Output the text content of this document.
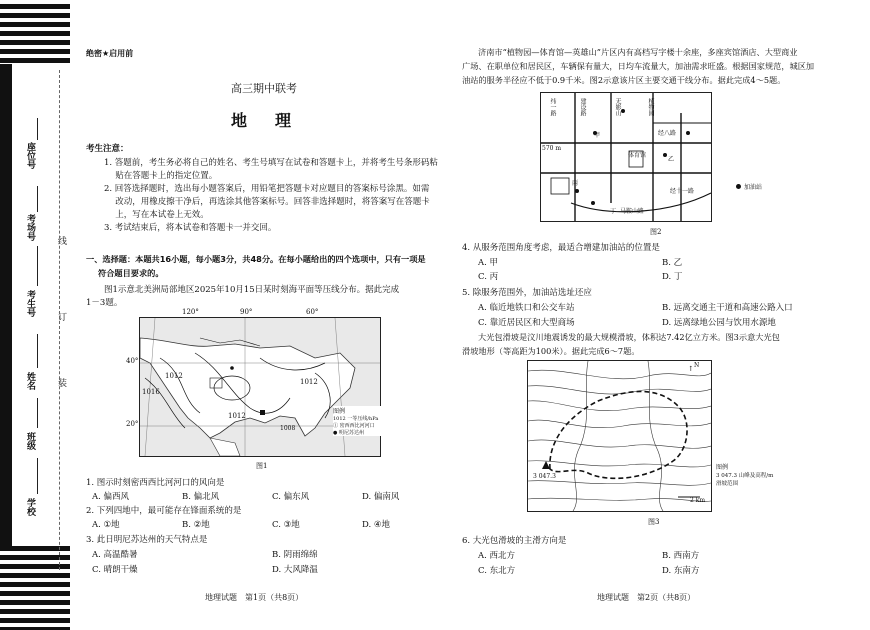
座位号
考场号
考生号
姓名
班级
学校
线
订
装
绝密★启用前
高三期中联考
地　理
考生注意：
1. 答题前，考生务必将自己的姓名、考生号填写在试卷和答题卡上，并将考生号条形码粘
　 贴在答题卡上的指定位置。
2. 回答选择题时，选出每小题答案后，用铅笔把答题卡对应题目的答案标号涂黑。如需
　 改动，用橡皮擦干净后，再选涂其他答案标号。回答非选择题时，将答案写在答题卡
　 上，写在本试卷上无效。
3. 考试结束后，将本试卷和答题卡一并交回。
一、选择题：本题共16小题，每小题3分，共48分。在每小题给出的四个选项中，只有一项是
符合题目要求的。
图1示意北美洲局部地区2025年10月15日某时刻海平面等压线分布。据此完成
1－3题。
1008
120°	90°	60°
40°
20°
1016
1012
1012
1012
图例
1012 一等压线/hPa
① 密西西比河河口
● 明尼苏达州
图1
1. 图示时刻密西西比河河口的风向是
A. 偏西风	B. 偏北风	C. 偏东风	D. 偏南风
2. 下列四地中，最可能存在锋面系统的是
A. ①地	B. ②地	C. ③地	D. ④地
3. 此日明尼苏达州的天气特点是
A. 高温酷暑	B. 阴雨绵绵
C. 晴朗干燥	D. 大风降温
地理试题　第1页（共8页）
济南市“植物园—体育馆—英雄山”片区内有高档写字楼十余座，多座宾馆酒店、大型商业
广场、在职单位和居民区，车辆保有量大，日均车流量大，加油需求旺盛。根据国家规范，城区加
油站的服务半径应不低于0.9千米。图2示意该片区主要交通干线分布。据此完成4～5题。
纬一路	建设路	无影山	植物园
甲
体育馆
经八路
乙
丙
经十一路
丁 马鞍山路
570 m
加油站
图2
4. 从服务范围角度考虑，最适合增建加油站的位置是
A. 甲	B. 乙
C. 丙	D. 丁
5. 除服务范围外，加油站选址还应
A. 临近地铁口和公交车站	B. 远离交通主干道和高速公路入口
C. 靠近居民区和大型商场	D. 远离绿地公园与饮用水源地
大光包滑坡是汶川地震诱发的最大规模滑坡，体积达7.42亿立方米。图3示意大光包
滑坡地形（等高距为100米）。据此完成6～7题。
↑
3 047.3
2 km
N
图例
3 047.3 山峰及高程/m
滑坡范围
图3
6. 大光包滑坡的主滑方向是
A. 西北方	B. 西南方
C. 东北方	D. 东南方
地理试题　第2页（共8页）
